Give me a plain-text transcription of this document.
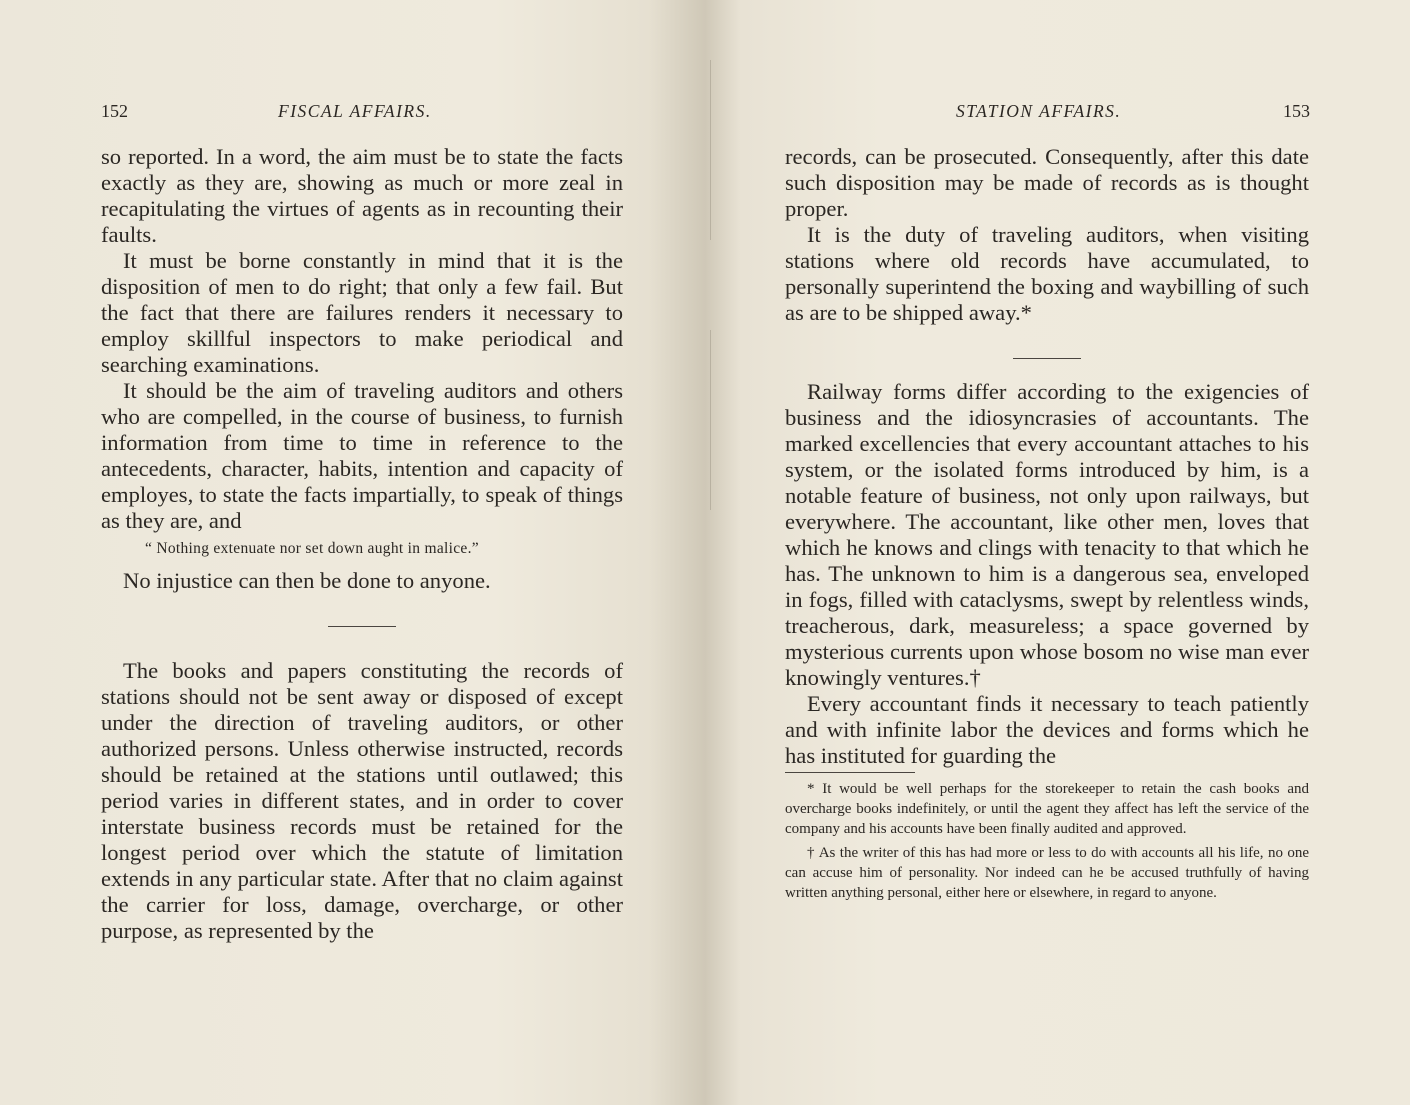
152	FISCAL AFFAIRS.

so reported. In a word, the aim must be to state the facts exactly as they are, showing as much or more zeal in recapitulating the virtues of agents as in recounting their faults.

It must be borne constantly in mind that it is the disposition of men to do right; that only a few fail. But the fact that there are failures renders it necessary to employ skillful inspectors to make periodical and searching examinations.

It should be the aim of traveling auditors and others who are compelled, in the course of business, to furnish information from time to time in reference to the antecedents, character, habits, intention and capacity of employes, to state the facts impartially, to speak of things as they are, and

“ Nothing extenuate nor set down aught in malice.”

No injustice can then be done to anyone.

The books and papers constituting the records of stations should not be sent away or disposed of except under the direction of traveling auditors, or other authorized persons. Unless otherwise instructed, records should be retained at the stations until outlawed; this period varies in different states, and in order to cover interstate business records must be retained for the longest period over which the statute of limitation extends in any particular state. After that no claim against the carrier for loss, damage, overcharge, or other purpose, as represented by the

STATION AFFAIRS.	153

records, can be prosecuted. Consequently, after this date such disposition may be made of records as is thought proper.

It is the duty of traveling auditors, when visiting stations where old records have accumulated, to personally superintend the boxing and waybilling of such as are to be shipped away.*

Railway forms differ according to the exigencies of business and the idiosyncrasies of accountants. The marked excellencies that every accountant attaches to his system, or the isolated forms introduced by him, is a notable feature of business, not only upon railways, but everywhere. The accountant, like other men, loves that which he knows and clings with tenacity to that which he has. The unknown to him is a dangerous sea, enveloped in fogs, filled with cataclysms, swept by relentless winds, treacherous, dark, measureless; a space governed by mysterious currents upon whose bosom no wise man ever knowingly ventures.†

Every accountant finds it necessary to teach patiently and with infinite labor the devices and forms which he has instituted for guarding the

* It would be well perhaps for the storekeeper to retain the cash books and overcharge books indefinitely, or until the agent they affect has left the service of the company and his accounts have been finally audited and approved.

† As the writer of this has had more or less to do with accounts all his life, no one can accuse him of personality. Nor indeed can he be accused truthfully of having written anything personal, either here or elsewhere, in regard to anyone.
